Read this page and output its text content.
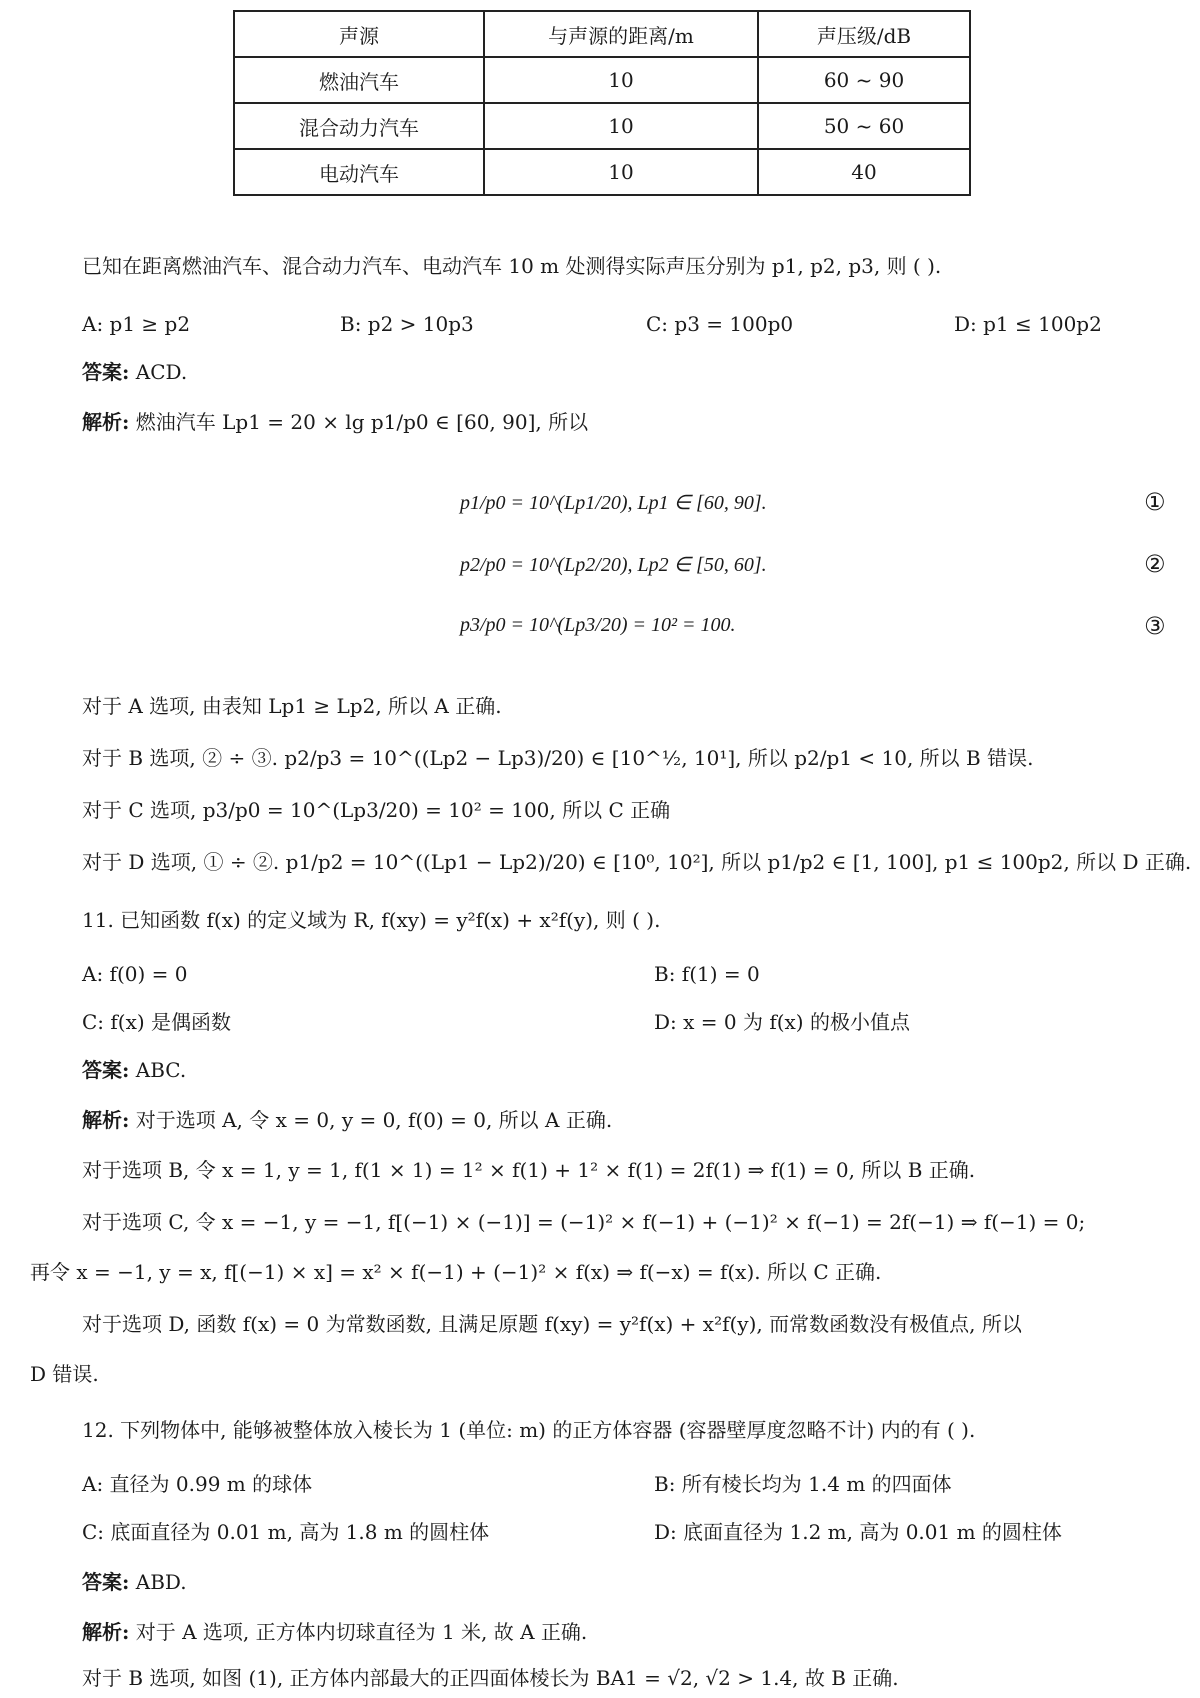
声源	与声源的距离/m	声压级/dB
燃油汽车	10	60 ~ 90
混合动力汽车	10	50 ~ 60
电动汽车	10	40
已知在距离燃油汽车、混合动力汽车、电动汽车 10 m 处测得实际声压分别为 p1, p2, p3, 则 ( ).
A: p1 ≥ p2	B: p2 > 10p3	C: p3 = 100p0	D: p1 ≤ 100p2
答案: ACD.
解析: 燃油汽车 Lp1 = 20 × lg p1/p0 ∈ [60, 90], 所以
p1/p0 = 10^(Lp1/20), Lp1 ∈ [60, 90].	①
p2/p0 = 10^(Lp2/20), Lp2 ∈ [50, 60].	②
p3/p0 = 10^(Lp3/20) = 10² = 100.	③
对于 A 选项, 由表知 Lp1 ≥ Lp2, 所以 A 正确.
对于 B 选项, ② ÷ ③. p2/p3 = 10^((Lp2 − Lp3)/20) ∈ [10^½, 10¹], 所以 p2/p1 < 10, 所以 B 错误.
对于 C 选项, p3/p0 = 10^(Lp3/20) = 10² = 100, 所以 C 正确
对于 D 选项, ① ÷ ②. p1/p2 = 10^((Lp1 − Lp2)/20) ∈ [10⁰, 10²], 所以 p1/p2 ∈ [1, 100], p1 ≤ 100p2, 所以 D 正确.
11. 已知函数 f(x) 的定义域为 R, f(xy) = y²f(x) + x²f(y), 则 ( ).
A: f(0) = 0	B: f(1) = 0
C: f(x) 是偶函数	D: x = 0 为 f(x) 的极小值点
答案: ABC.
解析: 对于选项 A, 令 x = 0, y = 0, f(0) = 0, 所以 A 正确.
对于选项 B, 令 x = 1, y = 1, f(1 × 1) = 1² × f(1) + 1² × f(1) = 2f(1) ⇒ f(1) = 0, 所以 B 正确.
对于选项 C, 令 x = −1, y = −1, f[(−1) × (−1)] = (−1)² × f(−1) + (−1)² × f(−1) = 2f(−1) ⇒ f(−1) = 0;
再令 x = −1, y = x, f[(−1) × x] = x² × f(−1) + (−1)² × f(x) ⇒ f(−x) = f(x). 所以 C 正确.
对于选项 D, 函数 f(x) = 0 为常数函数, 且满足原题 f(xy) = y²f(x) + x²f(y), 而常数函数没有极值点, 所以
D 错误.
12. 下列物体中, 能够被整体放入棱长为 1 (单位: m) 的正方体容器 (容器壁厚度忽略不计) 内的有 ( ).
A: 直径为 0.99 m 的球体	B: 所有棱长均为 1.4 m 的四面体
C: 底面直径为 0.01 m, 高为 1.8 m 的圆柱体	D: 底面直径为 1.2 m, 高为 0.01 m 的圆柱体
答案: ABD.
解析: 对于 A 选项, 正方体内切球直径为 1 米, 故 A 正确.
对于 B 选项, 如图 (1), 正方体内部最大的正四面体棱长为 BA1 = √2, √2 > 1.4, 故 B 正确.
